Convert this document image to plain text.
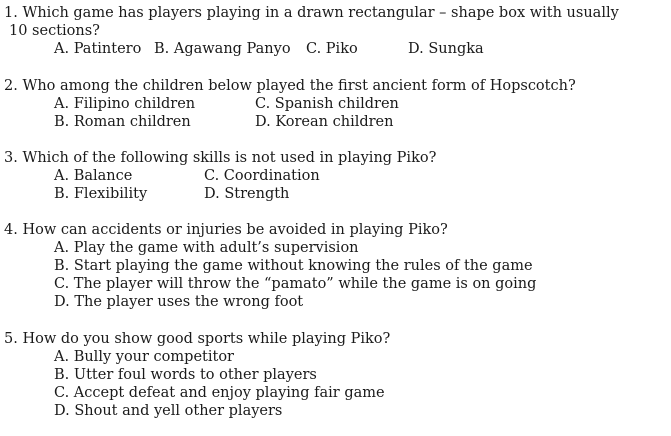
1. Which game has players playing in a drawn rectangular – shape box with usually
10 sections?
A. Patintero B. Agawang Panyo C. Piko	D. Sungka
2. Who among the children below played the first ancient form of Hopscotch?
A. Filipino children	C. Spanish children
B. Roman children	D. Korean children
3. Which of the following skills is not used in playing Piko?
A. Balance	C. Coordination
B. Flexibility	D. Strength
4. How can accidents or injuries be avoided in playing Piko?
A. Play the game with adult’s supervision
B. Start playing the game without knowing the rules of the game
C. The player will throw the “pamato” while the game is on going
D. The player uses the wrong foot
5. How do you show good sports while playing Piko?
A. Bully your competitor
B. Utter foul words to other players
C. Accept defeat and enjoy playing fair game
D. Shout and yell other players
